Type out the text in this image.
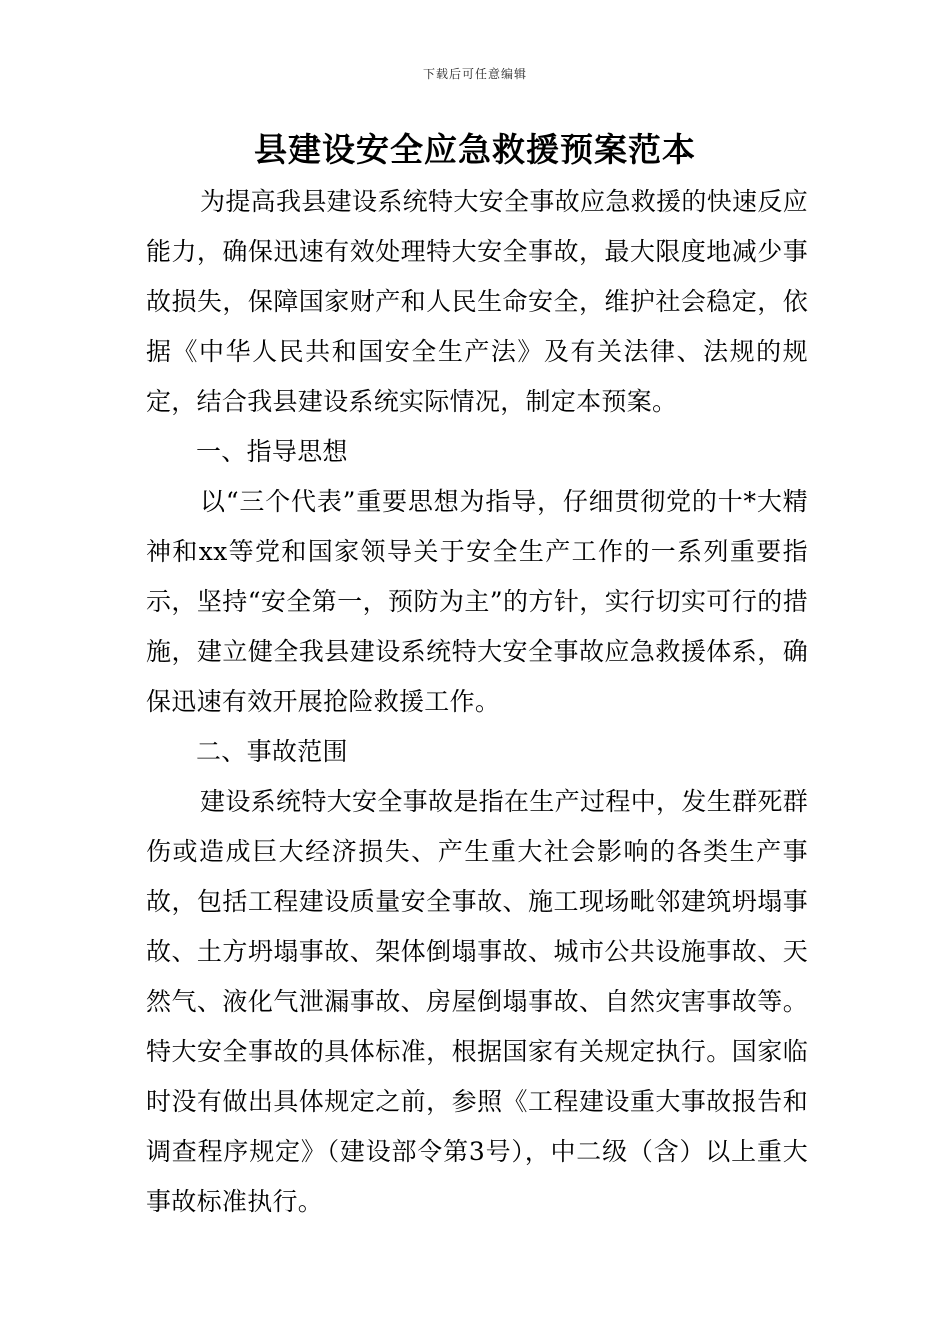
下载后可任意编辑
县建设安全应急救援预案范本

为提高我县建设系统特大安全事故应急救援的快速反应能力，确保迅速有效处理特大安全事故，最大限度地减少事故损失，保障国家财产和人民生命安全，维护社会稳定，依据《中华人民共和国安全生产法》及有关法律、法规的规定，结合我县建设系统实际情况，制定本预案。

一、指导思想

以“三个代表”重要思想为指导，仔细贯彻党的十*大精神和xx等党和国家领导关于安全生产工作的一系列重要指示，坚持“安全第一，预防为主”的方针，实行切实可行的措施，建立健全我县建设系统特大安全事故应急救援体系，确保迅速有效开展抢险救援工作。

二、事故范围

建设系统特大安全事故是指在生产过程中，发生群死群伤或造成巨大经济损失、产生重大社会影响的各类生产事故，包括工程建设质量安全事故、施工现场毗邻建筑坍塌事故、土方坍塌事故、架体倒塌事故、城市公共设施事故、天然气、液化气泄漏事故、房屋倒塌事故、自然灾害事故等。特大安全事故的具体标准，根据国家有关规定执行。国家临时没有做出具体规定之前，参照《工程建设重大事故报告和调查程序规定》（建设部令第3号），中二级（含）以上重大事故标准执行。
